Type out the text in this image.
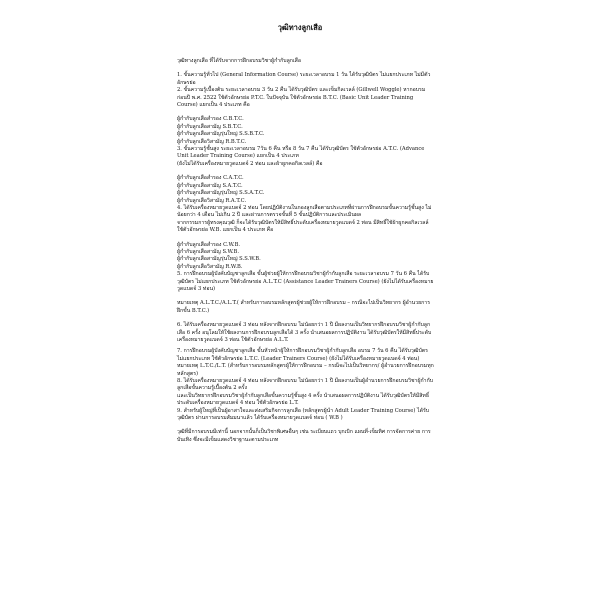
วุฒิทางลูกเสือ

วุฒิทางลูกเสือ ที่ได้รับจากการฝึกอบรมวิชาผู้กำกับลูกเสือ

1. ขั้นความรู้ทั่วไป (General Information Course) ระยะเวลาอบรม 1 วัน ได้รับวุฒิบัตร ไม่แยกประเภท ไม่มีตัวอักษรย่อ

2. ขั้นความรู้เบื้องต้น ระยะเวลาอบรม 3 วัน 2 คืน ได้รับวุฒิบัตร และเข็มกิลเวลล์ (Gillwell Woggle) หากอบรมก่อนปี พ.ศ. 2522 ใช้ตัวอักษรย่อ P.T.C. ในปัจจุบัน ใช้ตัวอักษรย่อ B.T.C. (Basic Unit Leader Training Course) แยกเป็น 4 ประเภท คือ

ผู้กำกับลูกเสือสำรอง C.B.T.C.

ผู้กำกับลูกเสือสามัญ S.B.T.C.

ผู้กำกับลูกเสือสามัญรุ่นใหญ่ S.S.B.T.C.

ผู้กำกับลูกเสือวิสามัญ R.B.T.C.

3. ขั้นความรู้ชั้นสูง ระยะเวลาอบรม 7วัน 6 คืน หรือ 8 วัน 7 คืน ได้รับวุฒิบัตร ใช้ตัวอักษรย่อ A.T.C. (Advance Unit Leader Training Course) แยกเป็น 4 ประเภท

(ยังไม่ได้รับเครื่องหมายวูดแบดจ์ 2 ท่อน และผ้าผูกคอกิลเวลล์) คือ

ผู้กำกับลูกเสือสำรอง C.A.T.C.

ผู้กำกับลูกเสือสามัญ S.A.T.C.

ผู้กำกับลูกเสือสามัญรุ่นใหญ่ S.S.A.T.C.

ผู้กำกับลูกเสือวิสามัญ R.A.T.C.

4. ได้รับเครื่องหมายวูดแบดจ์ 2 ท่อน โดยปฏิบัติงานในกองลูกเสือตามประเภทที่ผ่านการฝึกอบรมขั้นความรู้ชั้นสูง ไม่น้อยกว่า 4 เดือน ไม่เกิน 2 ปี และผ่านการตรวจขั้นที่ 5 ขั้นปฏิบัติการและประเมินผล

จากกรรมการผู้ทรงคุณวุฒิ ก็จะได้รับวุฒิบัตรให้มีสิทธิ์ประดับเครื่องหมายวูดแบดจ์ 2 ท่อน มีสิทธิ์ใช้ผ้าผูกคอกิลเวลล์ ใช้ตัวอักษรย่อ W.B. แยกเป็น 4 ประเภท คือ

ผู้กำกับลูกเสือสำรอง C.W.B.

ผู้กำกับลูกเสือสามัญ S.W.B.

ผู้กำกับลูกเสือสามัญรุ่นใหญ่ S.S.W.B.

ผู้กำกับลูกเสือวิสามัญ R.W.B.

5. การฝึกอบรมผู้บังคับบัญชาลูกเสือ ขั้นผู้ช่วยผู้ให้การฝึกอบรมวิชาผู้กำกับลูกเสือ ระยะเวลาอบรม 7 วัน 6 คืน ได้รับวุฒิบัตร ไม่แยกประเภท ใช้ตัวอักษรย่อ A.L.T.C (Assistance Leader Trainers Course) (ยังไม่ได้รับเครื่องหมายวูดแบดจ์ 3 ท่อน)

หมายเหตุ A.L.T.C./A.L.T.( สำหรับการอบรมหลักสูตรผู้ช่วยผู้ให้การฝึกอบรม – กรณีจะไปเป็นวิทยากร ผู้อำนวยการฝึกขั้น B.T.C.)

6. ได้รับเครื่องหมายวูดแบดจ์ 3 ท่อน หลังจากฝึกอบรม ไม่น้อยกว่า 1 ปี มีผลงานเป็นวิทยากรฝึกอบรมวิชาผู้กำกับลูกเสือ 6 ครั้ง อนุโลมให้ใช้ผลงานการฝึกอบรมลูกเสือได้ 3 ครั้ง นำเสนอผลการปฏิบัติงาน ได้รับวุฒิบัตรให้มีสิทธิ์ประดับเครื่องหมายวูดแบดจ์ 3 ท่อน ใช้ตัวอักษรย่อ A.L.T.

7. การฝึกอบรมผู้บังคับบัญชาลูกเสือ ขั้นหัวหน้าผู้ให้การฝึกอบรมวิชาผู้กำกับลูกเสือ อบรม 7 วัน 6 คืน ได้รับวุฒิบัตร ไม่แยกประเภท ใช้ตัวอักษรย่อ L.T.C. (Leader Trainers Course) (ยังไม่ได้รับเครื่องหมายวูดแบดจ์ 4 ท่อน) หมายเหตุ L.T.C./L.T. (สำหรับการอบรมหลักสูตรผู้ให้การฝึกอบรม – กรณีจะไปเป็นวิทยากร/ ผู้อำนวยการฝึกอบรมทุกหลักสูตร)

8. ได้รับเครื่องหมายวูดแบดจ์ 4 ท่อน หลังจากฝึกอบรม ไม่น้อยกว่า 1 ปี มีผลงานเป็นผู้อำนวยการฝึกอบรมวิชาผู้กำกับลูกเสือขั้นความรู้เบื้องต้น 2 ครั้ง

และเป็นวิทยากรฝึกอบรมวิชาผู้กำกับลูกเสือขั้นความรู้ชั้นสูง 4 ครั้ง นำเสนอผลการปฏิบัติงาน ได้รับวุฒิบัตรให้มีสิทธิ์ประดับเครื่องหมายวูดแบดจ์ 4 ท่อน ใช้ตัวอักษรย่อ L.T.

9. สำหรับผู้ใหญ่ที่เป็นผู้อาสาใจและส่งเสริมกิจการลูกเสือ (หลักสูตรผู้นำ Adult Leader Training Course) ได้รับวุฒิบัตร ผ่านการอบรมสัมมนาแล้ว ได้รับเครื่องหมายวูดแบดจ์ ท่อน ( W.B )

วุฒิที่มีการอบรมมีเท่านี้ นอกจากนั้นก็เป็นวิชาพิเศษอื่นๆ เช่น ระเบียบแถว บุกเบิก แผนที่-เข็มทิศ การจัดการค่าย การบันเทิง ซึ่งจะมีเข็มแสดงวิชาฐานะตามประเภท
